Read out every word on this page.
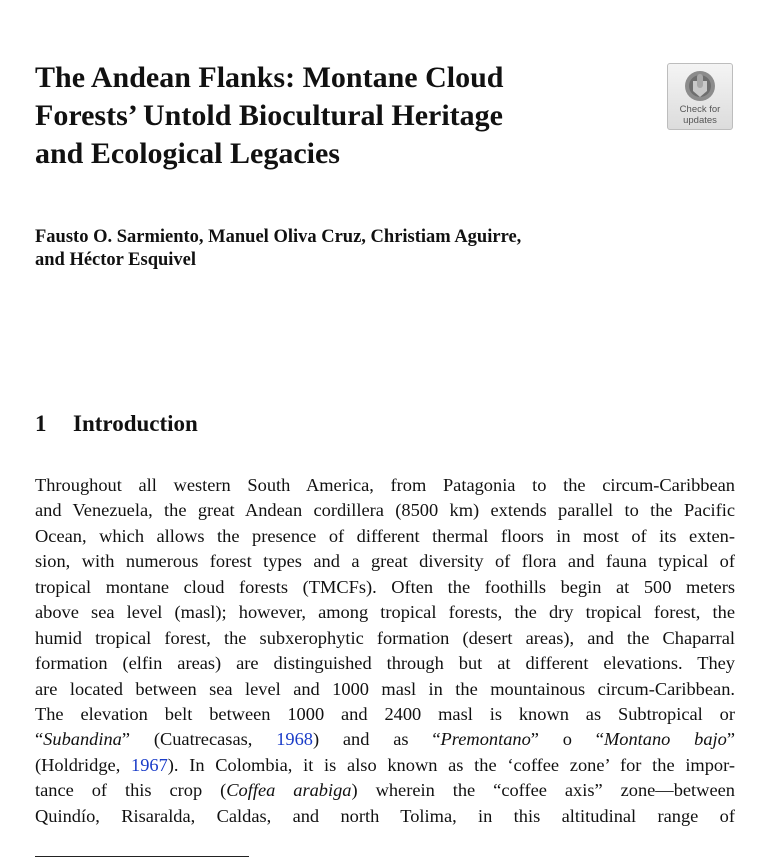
The Andean Flanks: Montane Cloud
Forests’ Untold Biocultural Heritage
and Ecological Legacies
Check for
updates

Fausto O. Sarmiento, Manuel Oliva Cruz, Christiam Aguirre,
and Héctor Esquivel

1 Introduction
Throughout all western South America, from Patagonia to the circum-Caribbean
and Venezuela, the great Andean cordillera (8500 km) extends parallel to the Pacific
Ocean, which allows the presence of different thermal floors in most of its exten-
sion, with numerous forest types and a great diversity of flora and fauna typical of
tropical montane cloud forests (TMCFs). Often the foothills begin at 500 meters
above sea level (masl); however, among tropical forests, the dry tropical forest, the
humid tropical forest, the subxerophytic formation (desert areas), and the Chaparral
formation (elfin areas) are distinguished through but at different elevations. They
are located between sea level and 1000 masl in the mountainous circum-Caribbean.
The elevation belt between 1000 and 2400 masl is known as Subtropical or
“Subandina” (Cuatrecasas, 1968) and as “Premontano” o “Montano bajo”
(Holdridge, 1967). In Colombia, it is also known as the ‘coffee zone’ for the impor-
tance of this crop (Coffea arabiga) wherein the “coffee axis” zone—between
Quindío, Risaralda, Caldas, and north Tolima, in this altitudinal range of
